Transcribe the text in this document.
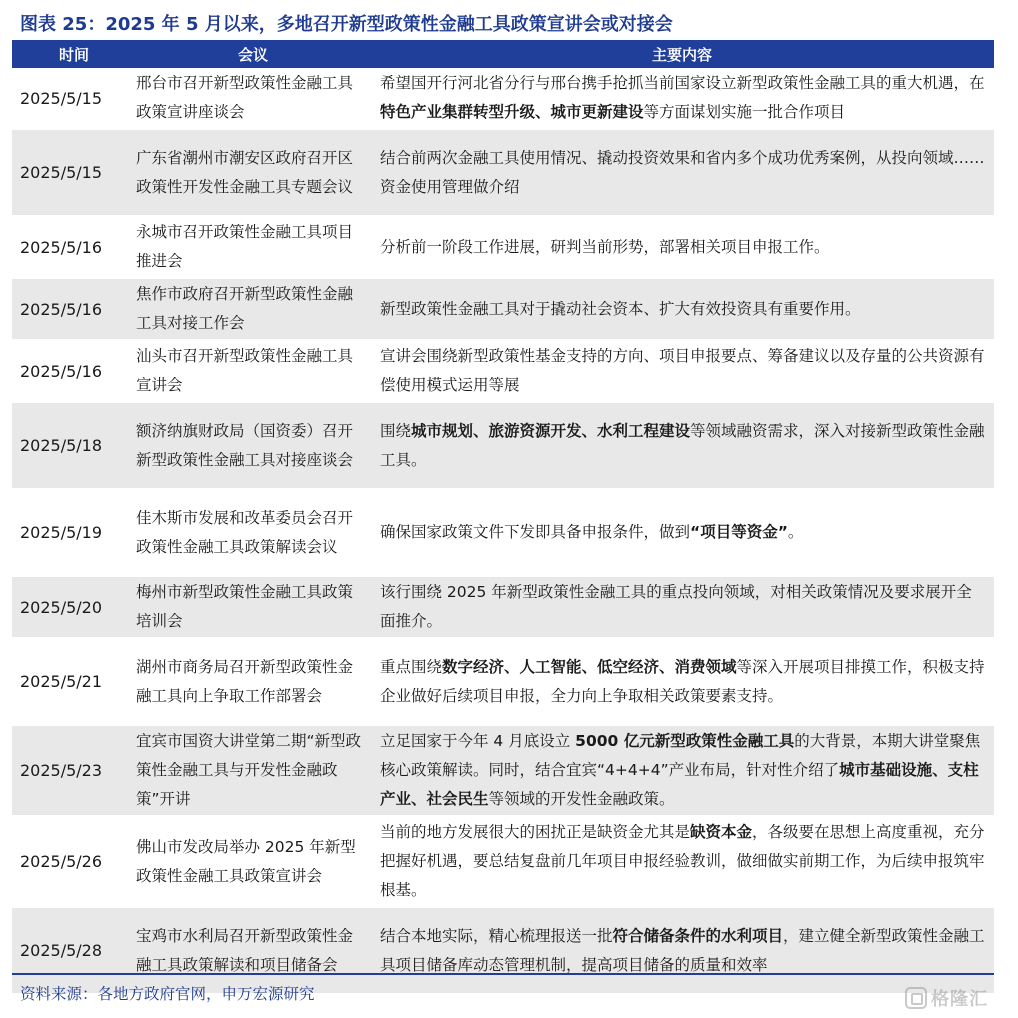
图表 25：2025 年 5 月以来，多地召开新型政策性金融工具政策宣讲会或对接会
时间	会议	主要内容
2025/5/15	邢台市召开新型政策性金融工具政策宣讲座谈会	希望国开行河北省分行与邢台携手抢抓当前国家设立新型政策性金融工具的重大机遇，在特色产业集群转型升级、城市更新建设等方面谋划实施一批合作项目
2025/5/15	广东省潮州市潮安区政府召开区政策性开发性金融工具专题会议	结合前两次金融工具使用情况、撬动投资效果和省内多个成功优秀案例，从投向领域……资金使用管理做介绍
2025/5/16	永城市召开政策性金融工具项目推进会	分析前一阶段工作进展，研判当前形势，部署相关项目申报工作。
2025/5/16	焦作市政府召开新型政策性金融工具对接工作会	新型政策性金融工具对于撬动社会资本、扩大有效投资具有重要作用。
2025/5/16	汕头市召开新型政策性金融工具宣讲会	宣讲会围绕新型政策性基金支持的方向、项目申报要点、筹备建议以及存量的公共资源有偿使用模式运用等展
2025/5/18	额济纳旗财政局（国资委）召开新型政策性金融工具对接座谈会	围绕城市规划、旅游资源开发、水利工程建设等领域融资需求，深入对接新型政策性金融工具。
2025/5/19	佳木斯市发展和改革委员会召开政策性金融工具政策解读会议	确保国家政策文件下发即具备申报条件，做到“项目等资金”。
2025/5/20	梅州市新型政策性金融工具政策培训会	该行围绕 2025 年新型政策性金融工具的重点投向领域，对相关政策情况及要求展开全面推介。
2025/5/21	湖州市商务局召开新型政策性金融工具向上争取工作部署会	重点围绕数字经济、人工智能、低空经济、消费领域等深入开展项目排摸工作，积极支持企业做好后续项目申报，全力向上争取相关政策要素支持。
2025/5/23	宜宾市国资大讲堂第二期“新型政策性金融工具与开发性金融政策”开讲	立足国家于今年 4 月底设立 5000 亿元新型政策性金融工具的大背景，本期大讲堂聚焦核心政策解读。同时，结合宜宾“4+4+4”产业布局，针对性介绍了城市基础设施、支柱产业、社会民生等领域的开发性金融政策。
2025/5/26	佛山市发改局举办 2025 年新型政策性金融工具政策宣讲会	当前的地方发展很大的困扰正是缺资金尤其是缺资本金，各级要在思想上高度重视，充分把握好机遇，要总结复盘前几年项目申报经验教训，做细做实前期工作，为后续申报筑牢根基。
2025/5/28	宝鸡市水利局召开新型政策性金融工具政策解读和项目储备会	结合本地实际，精心梳理报送一批符合储备条件的水利项目，建立健全新型政策性金融工具项目储备库动态管理机制，提高项目储备的质量和效率
资料来源：各地方政府官网，申万宏源研究	格隆汇
